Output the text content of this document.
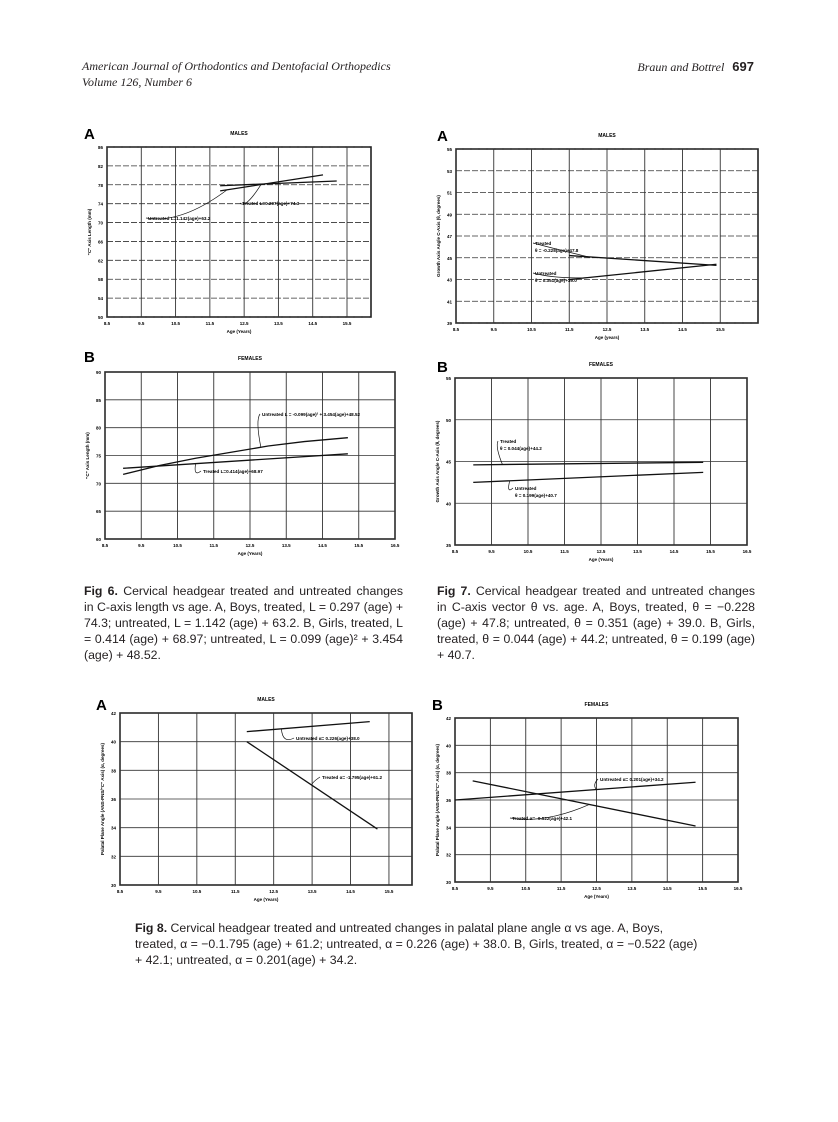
American Journal of Orthodontics and Dentofacial Orthopedics
Volume 126, Number 6
Braun and Bottrel 697
Fig 6. Cervical headgear treated and untreated changes in C-axis length vs age. A, Boys, treated, L = 0.297 (age) + 74.3; untreated, L = 1.142 (age) + 63.2. B, Girls, treated, L = 0.414 (age) + 68.97; untreated, L = 0.099 (age)² + 3.454 (age) + 48.52.
Fig 7. Cervical headgear treated and untreated changes in C-axis vector θ vs. age. A, Boys, treated, θ = −0.228 (age) + 47.8; untreated, θ = 0.351 (age) + 39.0. B, Girls, treated, θ = 0.044 (age) + 44.2; untreated, θ = 0.199 (age) + 40.7.
Fig 8. Cervical headgear treated and untreated changes in palatal plane angle α vs age. A, Boys, treated, α = −0.1.795 (age) + 61.2; untreated, α = 0.226 (age) + 38.0. B, Girls, treated, α = −0.522 (age) + 42.1; untreated, α = 0.201(age) + 34.2.
A	MALES
50
54
58
62
66
70
74
78
82
86
8.5	9.5	10.5	11.5	12.5	13.5	14.5	15.5
Age (Years)
"C" Axis Length (mm)
Treated L=0.297(age)+74.3
Untreated L=1.142(age)+63.2
A	MALES
39
41
43
45
47
49
51
53
55
8.5	9.5	10.5	11.5	12.5	13.5	14.5	15.5
Age (years)
Growth Axis Angle C-Axis (θ, degrees)	Treated
θ = -0.228(age)+47.8
Untreated
θ = 0.351(age)+39.0
B	FEMALES
60
65
70
75
80
85
90
8.5	9.5	10.5	11.5	12.5	13.5	14.5	15.5	16.5
Age (Years)
"C" Axis Length (mm)
Untreated L = -0.099(age)² + 3.454(age)+48.52
Treated L=0.414(age)+68.97
B	FEMALES
35
40
45
50
55
8.5	9.5	10.5	11.5	12.5	13.5	14.5	15.5	16.5
Age (Years)
Growth Axis Angle C-Axis (θ, degrees)	Treated
θ = 0.044(age)+44.2
Untreated
θ = 0.199(age)+40.7
A	MALES
30
32
34
36
38
40
42
8.5	9.5	10.5	11.5	12.5	13.5	14.5	15.5
Age (Years)
Palatal Plane Angle (ANS-PNS/"C" Axis) (α, degrees)
Untreated α= 0.226(age)+38.0
Treated α= -1.795(age)+61.2
B	FEMALES
30
32
34
36
38
40
42
8.5	9.5	10.5	11.5	12.5	13.5	14.5	15.5	16.5
Age (Years)
Palatal Plane Angle (ANS-PNS/"C" Axis) (α, degrees)	Untreated α= 0.201(age)+34.2
Treated α= -0.522(age)+42.1
